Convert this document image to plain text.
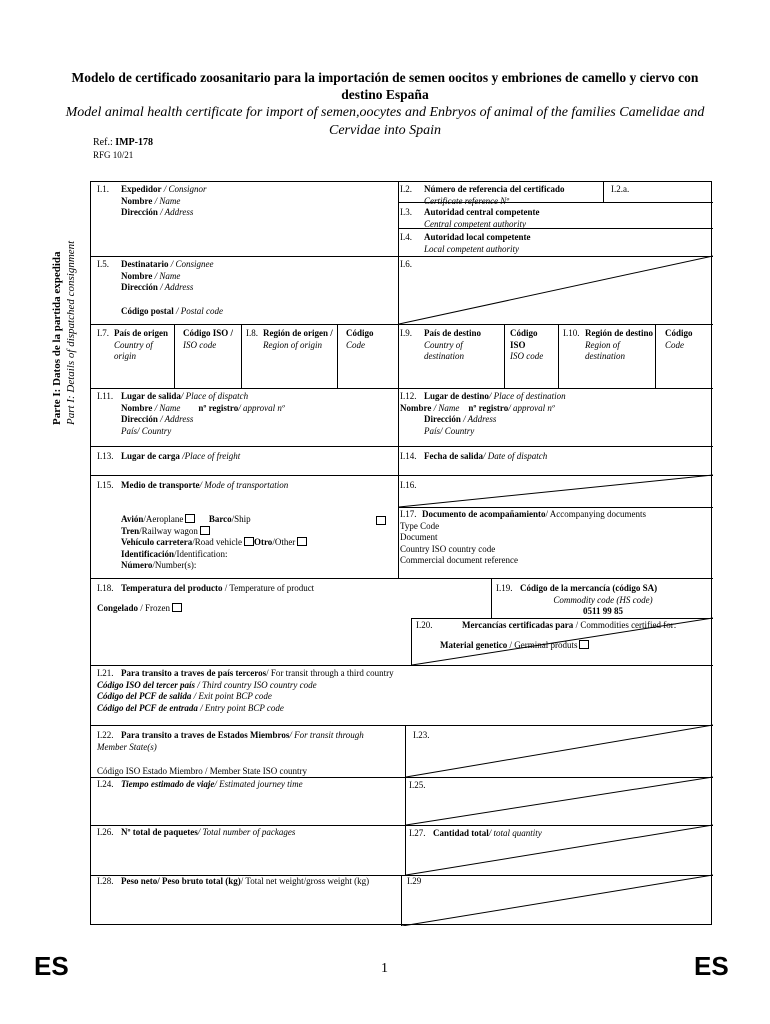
Modelo de certificado zoosanitario para la importación de semen oocitos y embriones de camello y ciervo con destino España
Model animal health certificate for import of semen,oocytes and Enbryos of animal of the families Camelidae and Cervidae into Spain
Ref.: IMP-178
RFG 10/21
Parte I: Datos de la partida expedida Part I: Details of dispatched consignment
I.1. Expedidor / Consignor
Nombre / Name
Dirección / Address
I.2. Número de referencia del certificado
Certificate reference Nº
I.2.a.
I.3. Autoridad central competente
Central competent authority
I.4. Autoridad local competente
Local competent authority
I.5. Destinatario / Consignee
Nombre / Name
Dirección / Address
Código postal / Postal code
I.6.
I.7. País de origen
Country of origin
Código ISO /
ISO code
I.8. Región de origen /
Region of origin
Código
Code
I.9. País de destino
Country of destination
Código ISO
ISO code
I.10. Región de destino
Region of destination
Código
Code
I.11. Lugar de salida/ Place of dispatch
Nombre / Name nº registro/ approval nº
Dirección / Address
País/ Country
I.12. Lugar de destino/ Place of destination
Nombre / Name nº registro/ approval nº
Dirección / Address
País/ Country
I.13. Lugar de carga /Place of freight	I.14. Fecha de salida/ Date of dispatch
I.15. Medio de transporte/ Mode of transportation
Avión/Aeroplane	Barco/Ship
Tren/Railway wagon
Vehículo carretera/Road vehicle Otro/Other
Identificación/Identification:
Número/Number(s):
I.16.
I.17. Documento de acompañamiento/ Accompanying documents
Type Code
Document
Country ISO country code
Commercial document reference
I.18. Temperatura del producto / Temperature of product
Congelado / Frozen
I.19. Código de la mercancía (código SA)
Commodity code (HS code)
0511 99 85
I.20.	Mercancías certificadas para / Commodities certified for:
Material genetico / Germinal produts
I.21. Para transito a traves de país terceros/ For transit through a third country
Código ISO del tercer país / Third country ISO country code
Código del PCF de salida / Exit point BCP code
Código del PCF de entrada / Entry point BCP code
I.22. Para transito a traves de Estados Miembros/ For transit through Member State(s)
Código ISO Estado Miembro / Member State ISO country
I.23.
I.24. Tiempo estimado de viaje/ Estimated journey time	I.25.
I.26. Nº total de paquetes/ Total number of packages	I.27. Cantidad total/ total quantity
I.28. Peso neto/ Peso bruto total (kg)/ Total net weight/gross weight (kg)	I.29
ES	1	ES
